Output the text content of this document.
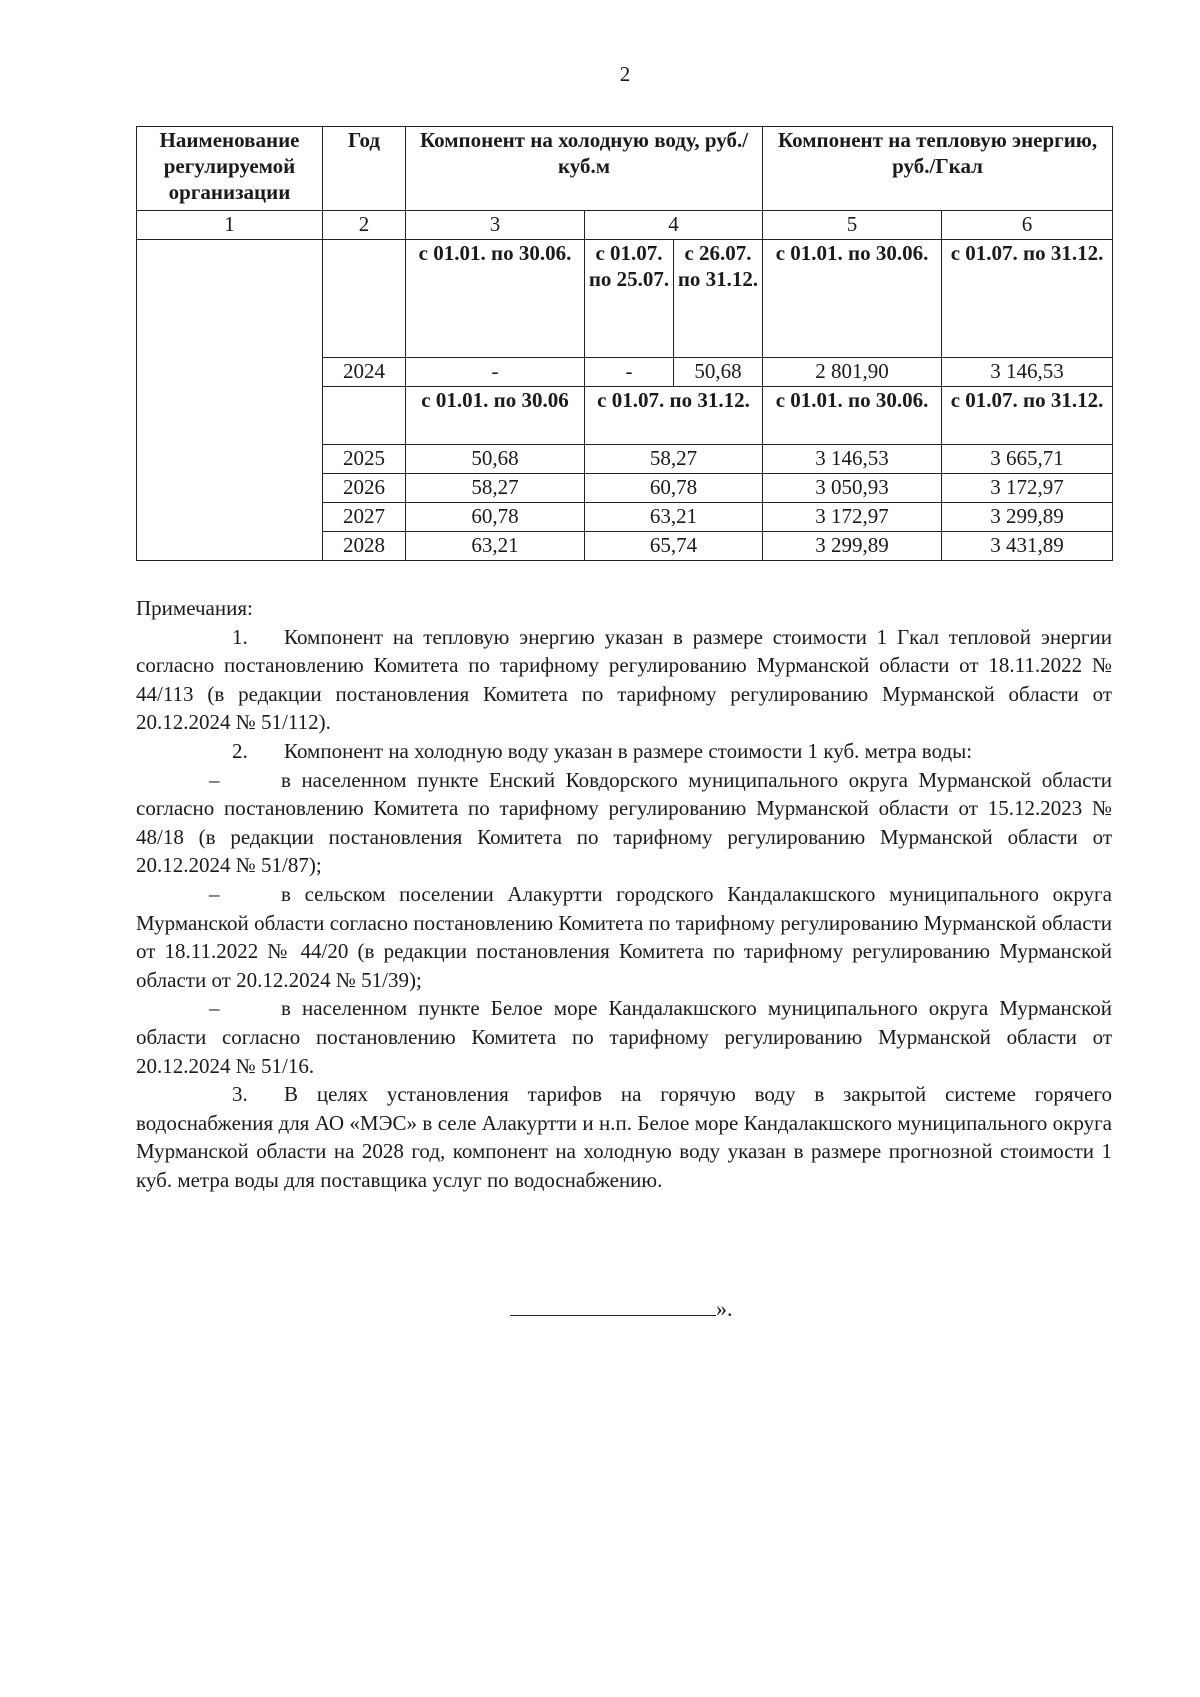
2
Наименование регулируемой организации	Год	Компонент на холодную воду, руб./куб.м			Компонент на тепловую энергию, руб./Гкал	
1	2	3	4		5	6
		с 01.01. по 30.06.	с 01.07. по 25.07.	с 26.07. по 31.12.	с 01.01. по 30.06.	с 01.07. по 31.12.
	2024	-	-	50,68	2 801,90	3 146,53
		с 01.01. по 30.06	с 01.07. по 31.12.		с 01.01. по 30.06.	с 01.07. по 31.12.
	2025	50,68	58,27		3 146,53	3 665,71
	2026	58,27	60,78		3 050,93	3 172,97
	2027	60,78	63,21		3 172,97	3 299,89
	2028	63,21	65,74		3 299,89	3 431,89

Примечания:

1. Компонент на тепловую энергию указан в размере стоимости 1 Гкал тепловой энергии согласно постановлению Комитета по тарифному регулированию Мурманской области от 18.11.2022 № 44/113 (в редакции постановления Комитета по тарифному регулированию Мурманской области от 20.12.2024 № 51/112).

2. Компонент на холодную воду указан в размере стоимости 1 куб. метра воды:

–	в населенном пункте Енский Ковдорского муниципального округа Мурманской области согласно постановлению Комитета по тарифному регулированию Мурманской области от 15.12.2023 № 48/18 (в редакции постановления Комитета по тарифному регулированию Мурманской области от 20.12.2024 № 51/87);

–	в сельском поселении Алакуртти городского Кандалакшского муниципального округа Мурманской области согласно постановлению Комитета по тарифному регулированию Мурманской области от 18.11.2022 № 44/20 (в редакции постановления Комитета по тарифному регулированию Мурманской области от 20.12.2024 № 51/39);

–	в населенном пункте Белое море Кандалакшского муниципального округа Мурманской области согласно постановлению Комитета по тарифному регулированию Мурманской области от 20.12.2024 № 51/16.

3. В целях установления тарифов на горячую воду в закрытой системе горячего водоснабжения для АО «МЭС» в селе Алакуртти и н.п. Белое море Кандалакшского муниципального округа Мурманской области на 2028 год, компонент на холодную воду указан в размере прогнозной стоимости 1 куб. метра воды для поставщика услуг по водоснабжению.

».
